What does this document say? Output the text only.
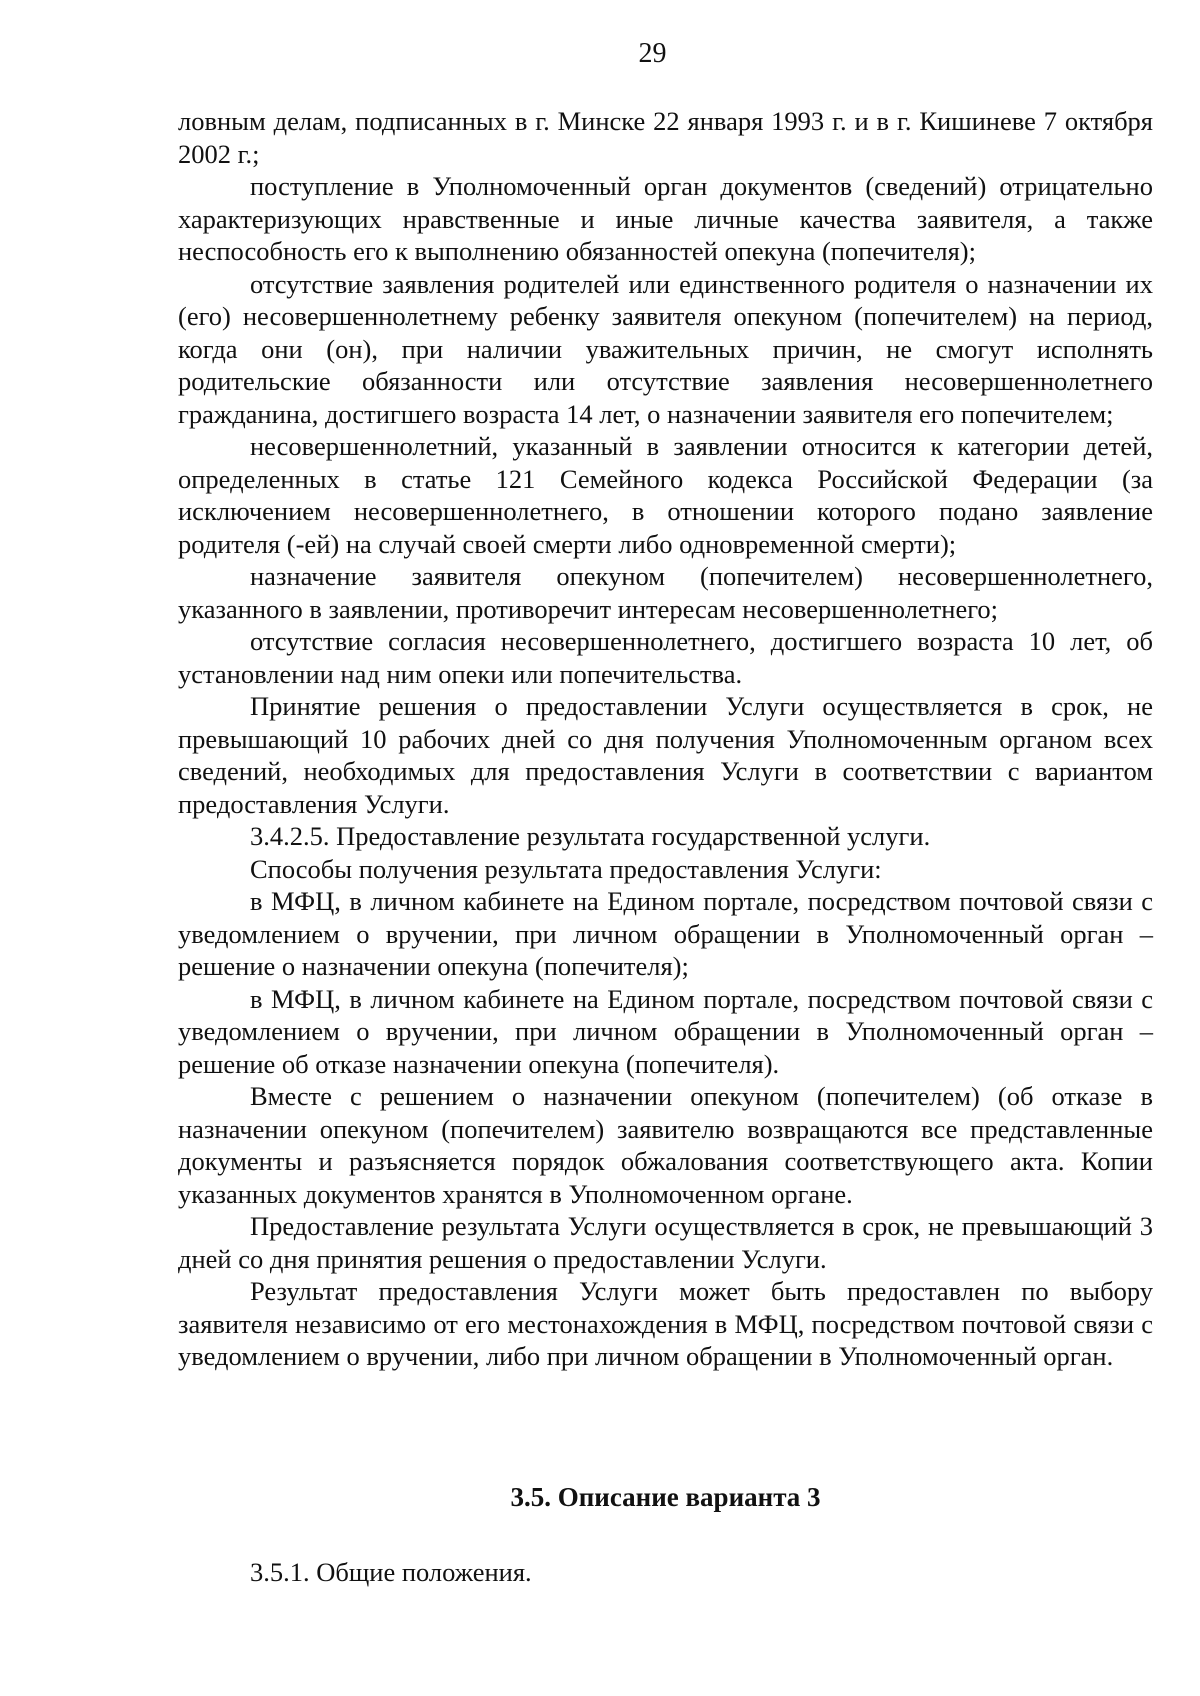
29

ловным делам, подписанных в г. Минске 22 января 1993 г. и в г. Кишиневе 7 октября 2002 г.;

поступление в Уполномоченный орган документов (сведений) отрицательно характеризующих нравственные и иные личные качества заявителя, а также неспособность его к выполнению обязанностей опекуна (попечителя);

отсутствие заявления родителей или единственного родителя о назначении их (его) несовершеннолетнему ребенку заявителя опекуном (попечителем) на период, когда они (он), при наличии уважительных причин, не смогут исполнять родительские обязанности или отсутствие заявления несовершеннолетнего гражданина, достигшего возраста 14 лет, о назначении заявителя его попечителем;

несовершеннолетний, указанный в заявлении относится к категории детей, определенных в статье 121 Семейного кодекса Российской Федерации (за исключением несовершеннолетнего, в отношении которого подано заявление родителя (-ей) на случай своей смерти либо одновременной смерти);

назначение заявителя опекуном (попечителем) несовершеннолетнего, указанного в заявлении, противоречит интересам несовершеннолетнего;

отсутствие согласия несовершеннолетнего, достигшего возраста 10 лет, об установлении над ним опеки или попечительства.

Принятие решения о предоставлении Услуги осуществляется в срок, не превышающий 10 рабочих дней со дня получения Уполномоченным органом всех сведений, необходимых для предоставления Услуги в соответствии с вариантом предоставления Услуги.

3.4.2.5. Предоставление результата государственной услуги.

Способы получения результата предоставления Услуги:

в МФЦ, в личном кабинете на Едином портале, посредством почтовой связи с уведомлением о вручении, при личном обращении в Уполномоченный орган – решение о назначении опекуна (попечителя);

в МФЦ, в личном кабинете на Едином портале, посредством почтовой связи с уведомлением о вручении, при личном обращении в Уполномоченный орган – решение об отказе назначении опекуна (попечителя).

Вместе с решением о назначении опекуном (попечителем) (об отказе в назначении опекуном (попечителем) заявителю возвращаются все представленные документы и разъясняется порядок обжалования соответствующего акта. Копии указанных документов хранятся в Уполномоченном органе.

Предоставление результата Услуги осуществляется в срок, не превышающий 3 дней со дня принятия решения о предоставлении Услуги.

Результат предоставления Услуги может быть предоставлен по выбору заявителя независимо от его местонахождения в МФЦ, посредством почтовой связи с уведомлением о вручении, либо при личном обращении в Уполномоченный орган.

3.5. Описание варианта 3

3.5.1. Общие положения.
